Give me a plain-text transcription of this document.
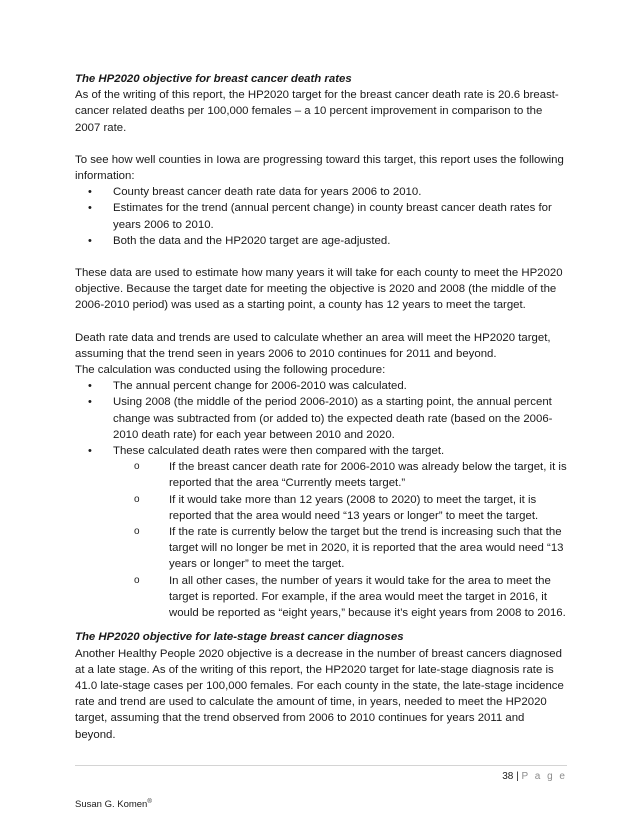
The HP2020 objective for breast cancer death rates

As of the writing of this report, the HP2020 target for the breast cancer death rate is 20.6 breast-cancer related deaths per 100,000 females – a 10 percent improvement in comparison to the 2007 rate.

To see how well counties in Iowa are progressing toward this target, this report uses the following information:

• County breast cancer death rate data for years 2006 to 2010.
• Estimates for the trend (annual percent change) in county breast cancer death rates for years 2006 to 2010.
• Both the data and the HP2020 target are age-adjusted.

These data are used to estimate how many years it will take for each county to meet the HP2020 objective. Because the target date for meeting the objective is 2020 and 2008 (the middle of the 2006-2010 period) was used as a starting point, a county has 12 years to meet the target.

Death rate data and trends are used to calculate whether an area will meet the HP2020 target, assuming that the trend seen in years 2006 to 2010 continues for 2011 and beyond.

The calculation was conducted using the following procedure:

• The annual percent change for 2006-2010 was calculated.
• Using 2008 (the middle of the period 2006-2010) as a starting point, the annual percent change was subtracted from (or added to) the expected death rate (based on the 2006-2010 death rate) for each year between 2010 and 2020.
• These calculated death rates were then compared with the target.
o	If the breast cancer death rate for 2006-2010 was already below the target, it is reported that the area “Currently meets target.”
o	If it would take more than 12 years (2008 to 2020) to meet the target, it is reported that the area would need “13 years or longer” to meet the target.
o	If the rate is currently below the target but the trend is increasing such that the target will no longer be met in 2020, it is reported that the area would need “13 years or longer” to meet the target.
o	In all other cases, the number of years it would take for the area to meet the target is reported. For example, if the area would meet the target in 2016, it would be reported as “eight years,” because it’s eight years from 2008 to 2016.

The HP2020 objective for late-stage breast cancer diagnoses

Another Healthy People 2020 objective is a decrease in the number of breast cancers diagnosed at a late stage. As of the writing of this report, the HP2020 target for late-stage diagnosis rate is 41.0 late-stage cases per 100,000 females. For each county in the state, the late-stage incidence rate and trend are used to calculate the amount of time, in years, needed to meet the HP2020 target, assuming that the trend observed from 2006 to 2010 continues for years 2011 and beyond.

38 | P a g e
Susan G. Komen®
